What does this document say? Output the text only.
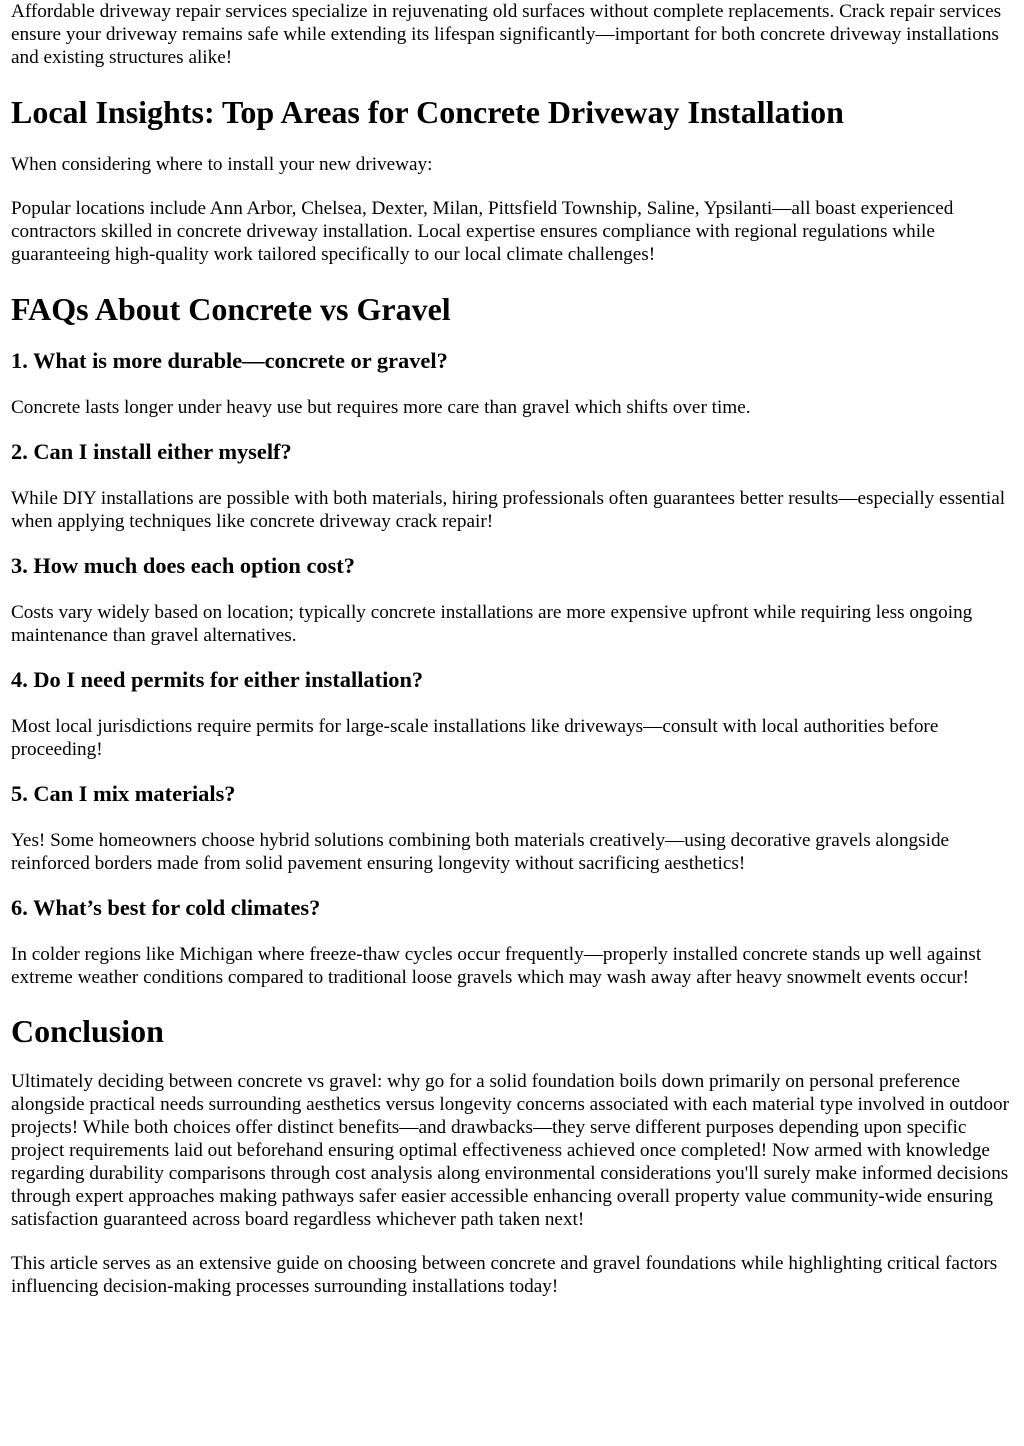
Affordable driveway repair services specialize in rejuvenating old surfaces without complete replacements. Crack repair services ensure your driveway remains safe while extending its lifespan significantly—important for both concrete driveway installations and existing structures alike!

Local Insights: Top Areas for Concrete Driveway Installation

When considering where to install your new driveway:

Popular locations include Ann Arbor, Chelsea, Dexter, Milan, Pittsfield Township, Saline, Ypsilanti—all boast experienced contractors skilled in concrete driveway installation. Local expertise ensures compliance with regional regulations while guaranteeing high-quality work tailored specifically to our local climate challenges!

FAQs About Concrete vs Gravel
1. What is more durable—concrete or gravel?

Concrete lasts longer under heavy use but requires more care than gravel which shifts over time.

2. Can I install either myself?

While DIY installations are possible with both materials, hiring professionals often guarantees better results—especially essential when applying techniques like concrete driveway crack repair!

3. How much does each option cost?

Costs vary widely based on location; typically concrete installations are more expensive upfront while requiring less ongoing maintenance than gravel alternatives.

4. Do I need permits for either installation?

Most local jurisdictions require permits for large-scale installations like driveways—consult with local authorities before proceeding!

5. Can I mix materials?

Yes! Some homeowners choose hybrid solutions combining both materials creatively—using decorative gravels alongside reinforced borders made from solid pavement ensuring longevity without sacrificing aesthetics!

6. What’s best for cold climates?

In colder regions like Michigan where freeze-thaw cycles occur frequently—properly installed concrete stands up well against extreme weather conditions compared to traditional loose gravels which may wash away after heavy snowmelt events occur!

Conclusion

Ultimately deciding between concrete vs gravel: why go for a solid foundation boils down primarily on personal preference alongside practical needs surrounding aesthetics versus longevity concerns associated with each material type involved in outdoor projects! While both choices offer distinct benefits—and drawbacks—they serve different purposes depending upon specific project requirements laid out beforehand ensuring optimal effectiveness achieved once completed! Now armed with knowledge regarding durability comparisons through cost analysis along environmental considerations you'll surely make informed decisions through expert approaches making pathways safer easier accessible enhancing overall property value community-wide ensuring satisfaction guaranteed across board regardless whichever path taken next!

This article serves as an extensive guide on choosing between concrete and gravel foundations while highlighting critical factors influencing decision-making processes surrounding installations today!
